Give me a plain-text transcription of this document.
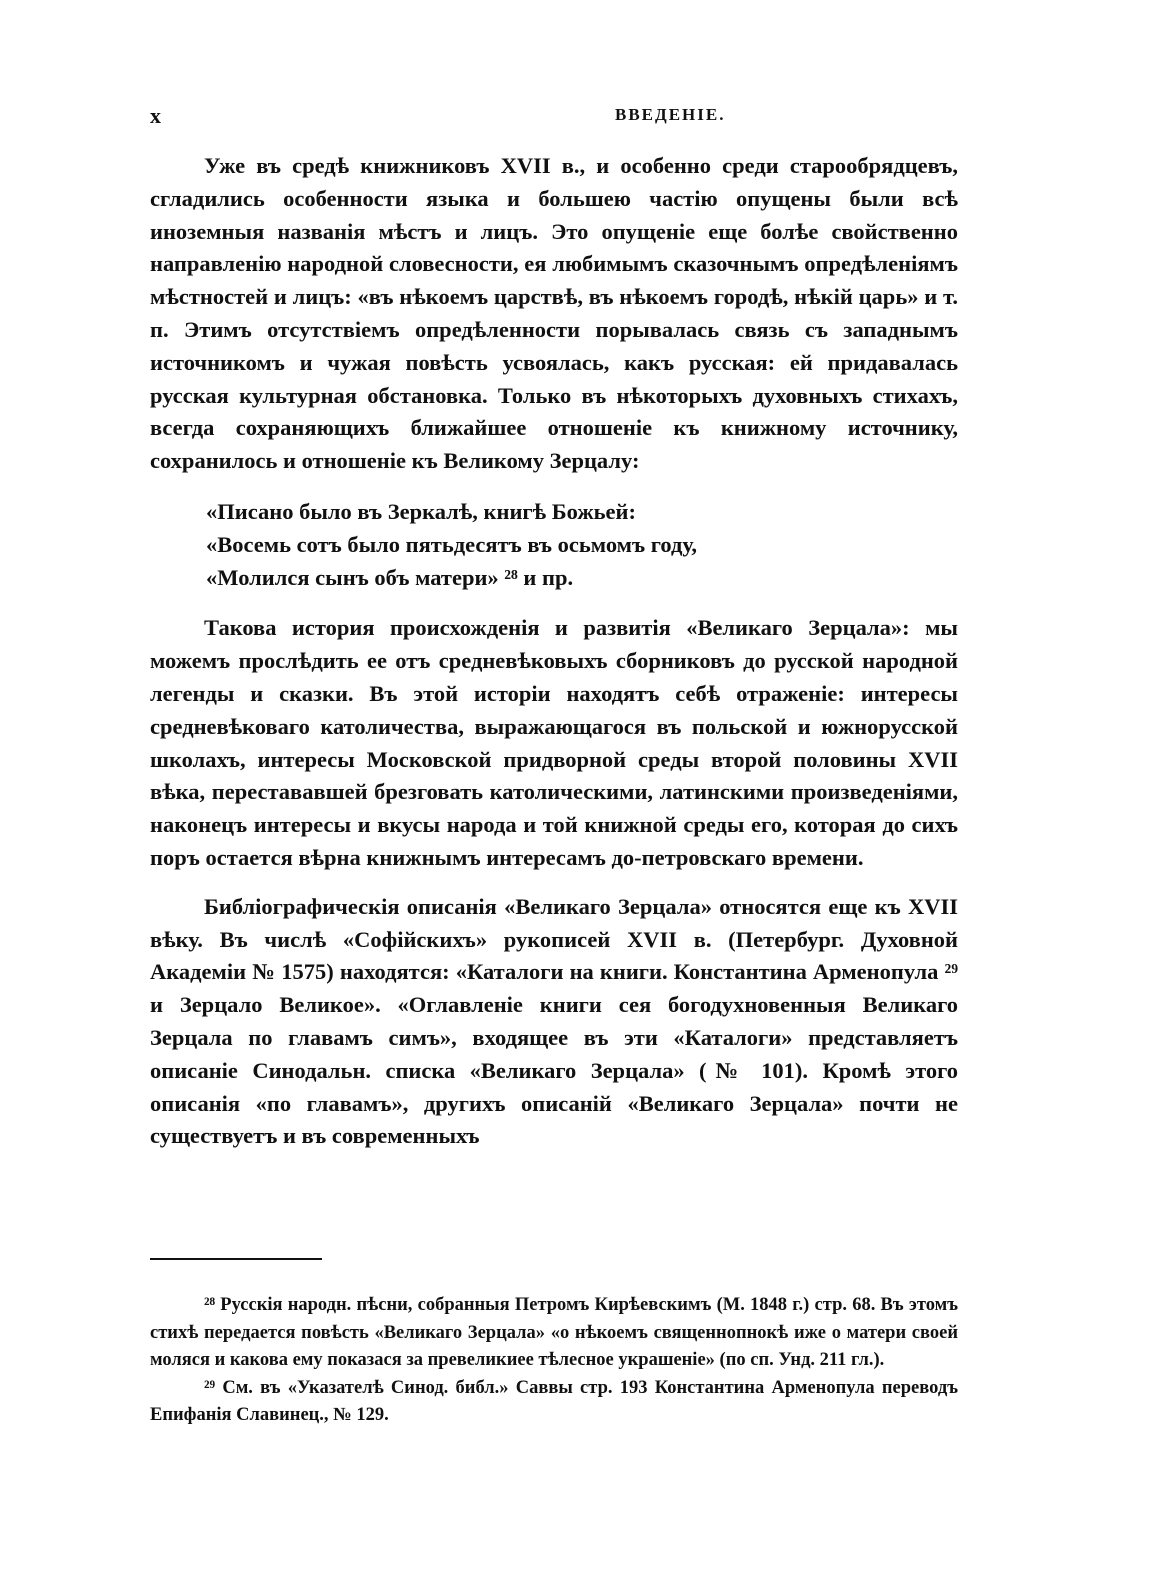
x	ВВЕДЕНІЕ.

Уже въ средѣ книжниковъ XVII в., и особенно среди старообрядцевъ, сгладились особенности языка и большею частію опущены были всѣ иноземныя названія мѣстъ и лицъ. Это опущеніе еще болѣе свойственно направленію народной словесности, ея любимымъ сказочнымъ опредѣленіямъ мѣстностей и лицъ: «въ нѣкоемъ царствѣ, въ нѣкоемъ городѣ, нѣкій царь» и т. п. Этимъ отсутствіемъ опредѣленности порывалась связь съ западнымъ источникомъ и чужая повѣсть усвоялась, какъ русская: ей придавалась русская культурная обстановка. Только въ нѣкоторыхъ духовныхъ стихахъ, всегда сохраняющихъ ближайшее отношеніе къ книжному источнику, сохранилось и отношеніе къ Великому Зерцалу:

«Писано было въ Зеркалѣ, книгѣ Божьей:
«Восемь сотъ было пятьдесятъ въ осьмомъ году,
«Молился сынъ объ матери» ²⁸ и пр.

Такова история происхожденія и развитія «Великаго Зерцала»: мы можемъ прослѣдить ее отъ средневѣковыхъ сборниковъ до русской народной легенды и сказки. Въ этой исторіи находятъ себѣ отраженіе: интересы средневѣковаго католичества, выражающагося въ польской и южнорусской школахъ, интересы Московской придворной среды второй половины XVII вѣка, перестававшей брезговать католическими, латинскими произведеніями, наконецъ интересы и вкусы народа и той книжной среды его, которая до сихъ поръ остается вѣрна книжнымъ интересамъ до-петровскаго времени.

Библіографическія описанія «Великаго Зерцала» относятся еще къ XVII вѣку. Въ числѣ «Софійскихъ» рукописей XVII в. (Петербург. Духовной Академіи № 1575) находятся: «Каталоги на книги. Константина Арменопула ²⁹ и Зерцало Великое». «Оглавленіе книги сея богодухновенныя Великаго Зерцала по главамъ симъ», входящее въ эти «Каталоги» представляетъ описаніе Синодальн. списка «Великаго Зерцала» (№ 101). Кромѣ этого описанія «по главамъ», другихъ описаній «Великаго Зерцала» почти не существуетъ и въ современныхъ

²⁸ Русскія народн. пѣсни, собранныя Петромъ Кирѣевскимъ (М. 1848 г.) стр. 68. Въ этомъ стихѣ передается повѣсть «Великаго Зерцала» «о нѣкоемъ священнопнокѣ иже о матери своей моляся и какова ему показася за превеликиее тѣлесное украшеніе» (по сп. Унд. 211 гл.).

²⁹ См. въ «Указателѣ Синод. библ.» Саввы стр. 193 Константина Арменопула переводъ Епифанія Славинец., № 129.
